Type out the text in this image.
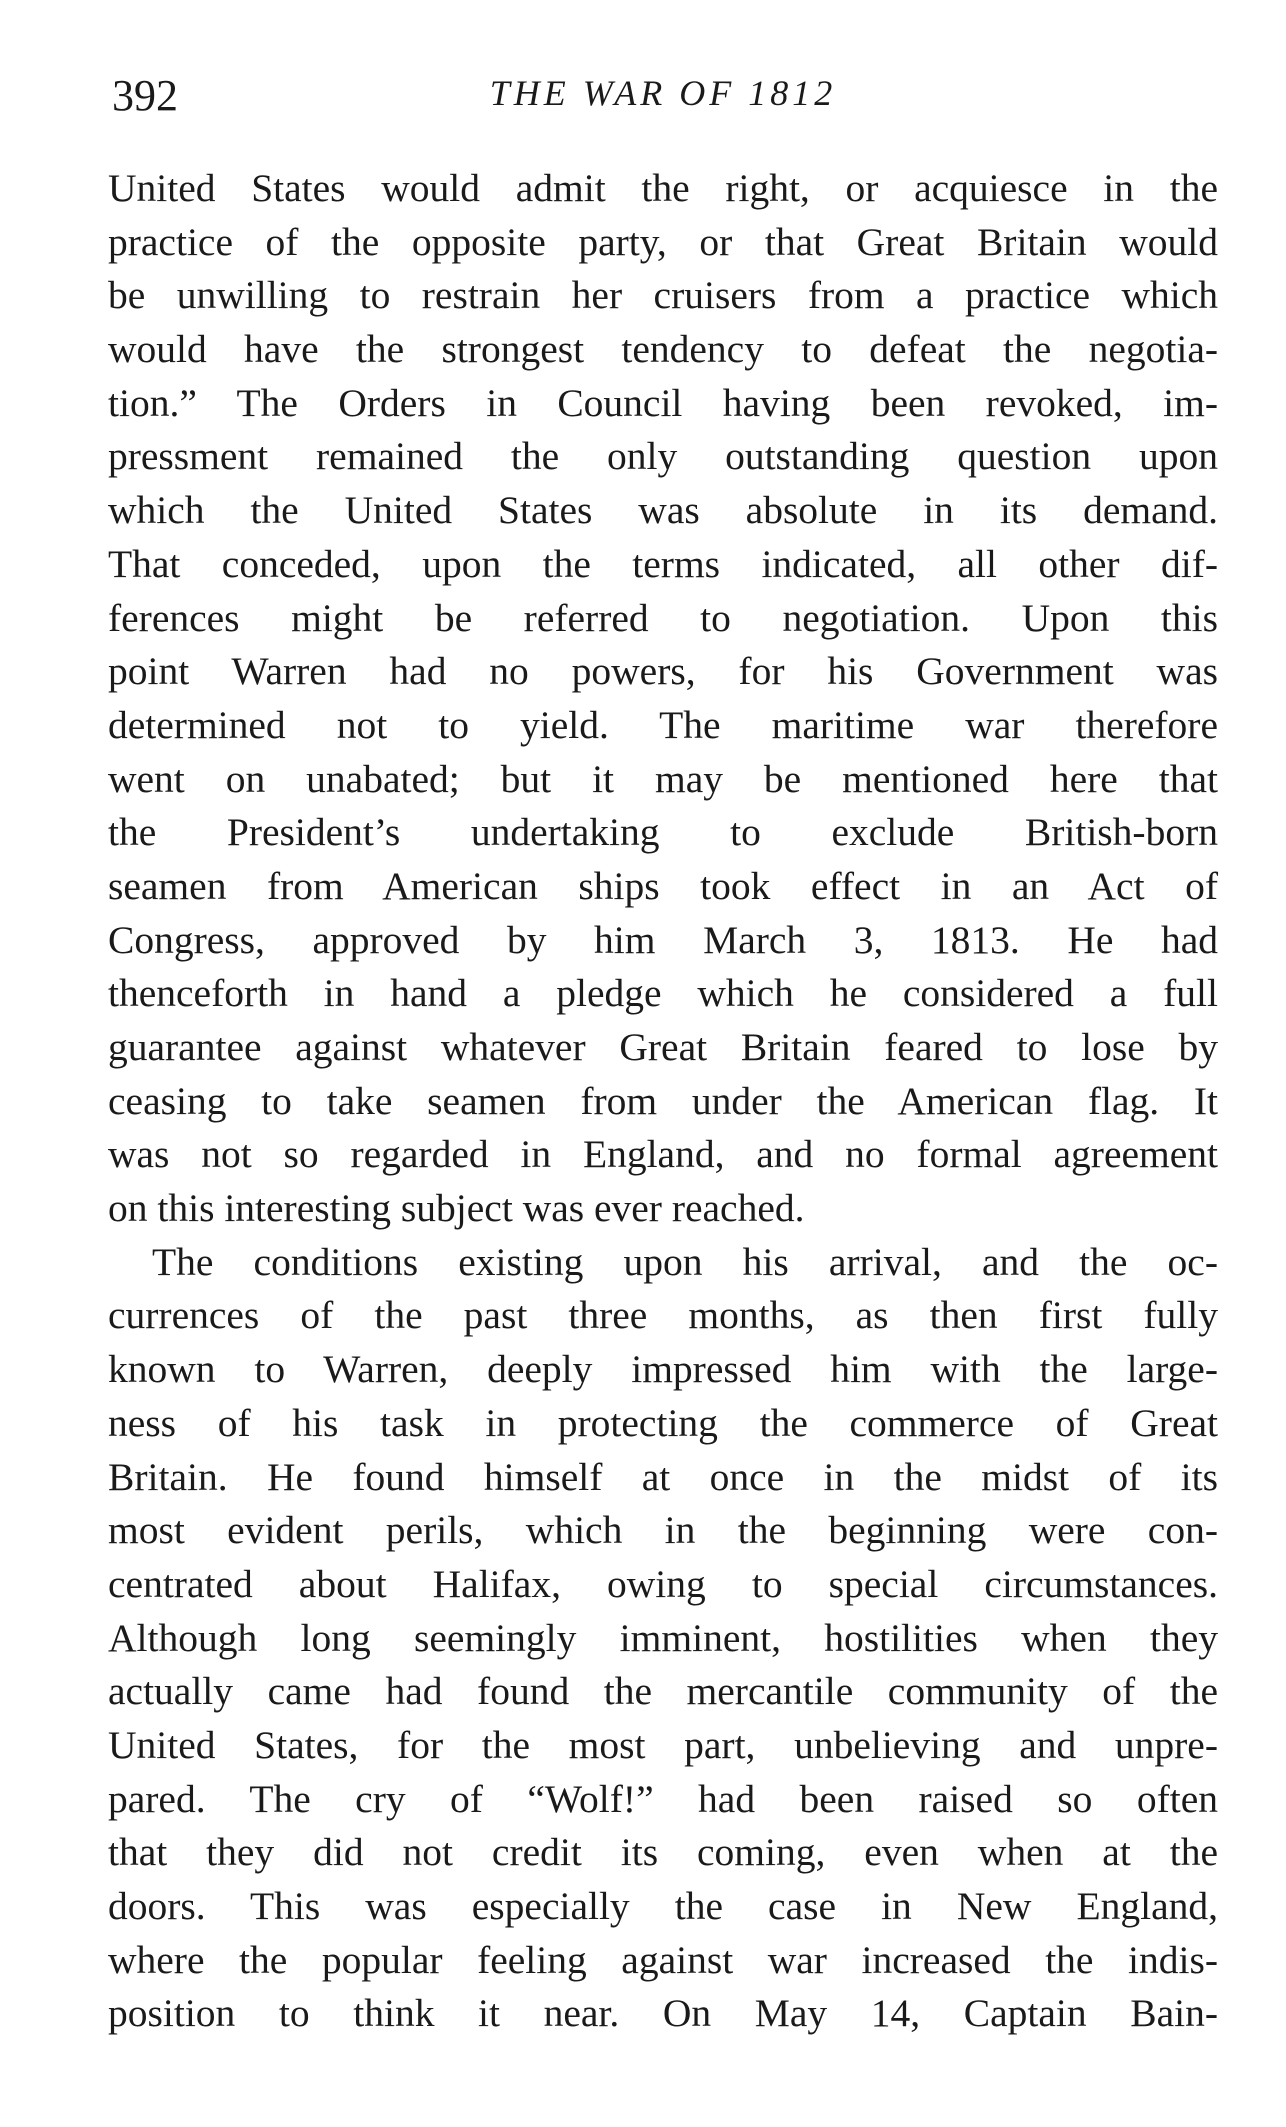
392	THE WAR OF 1812
United States would admit the right, or acquiesce in the
practice of the opposite party, or that Great Britain would
be unwilling to restrain her cruisers from a practice which
would have the strongest tendency to defeat the negotia-
tion.” The Orders in Council having been revoked, im-
pressment remained the only outstanding question upon
which the United States was absolute in its demand.
That conceded, upon the terms indicated, all other dif-
ferences might be referred to negotiation. Upon this
point Warren had no powers, for his Government was
determined not to yield. The maritime war therefore
went on unabated; but it may be mentioned here that
the President’s undertaking to exclude British-born
seamen from American ships took effect in an Act of
Congress, approved by him March 3, 1813. He had
thenceforth in hand a pledge which he considered a full
guarantee against whatever Great Britain feared to lose by
ceasing to take seamen from under the American flag. It
was not so regarded in England, and no formal agreement
on this interesting subject was ever reached.
The conditions existing upon his arrival, and the oc-
currences of the past three months, as then first fully
known to Warren, deeply impressed him with the large-
ness of his task in protecting the commerce of Great
Britain. He found himself at once in the midst of its
most evident perils, which in the beginning were con-
centrated about Halifax, owing to special circumstances.
Although long seemingly imminent, hostilities when they
actually came had found the mercantile community of the
United States, for the most part, unbelieving and unpre-
pared. The cry of “Wolf!” had been raised so often
that they did not credit its coming, even when at the
doors. This was especially the case in New England,
where the popular feeling against war increased the indis-
position to think it near. On May 14, Captain Bain-
